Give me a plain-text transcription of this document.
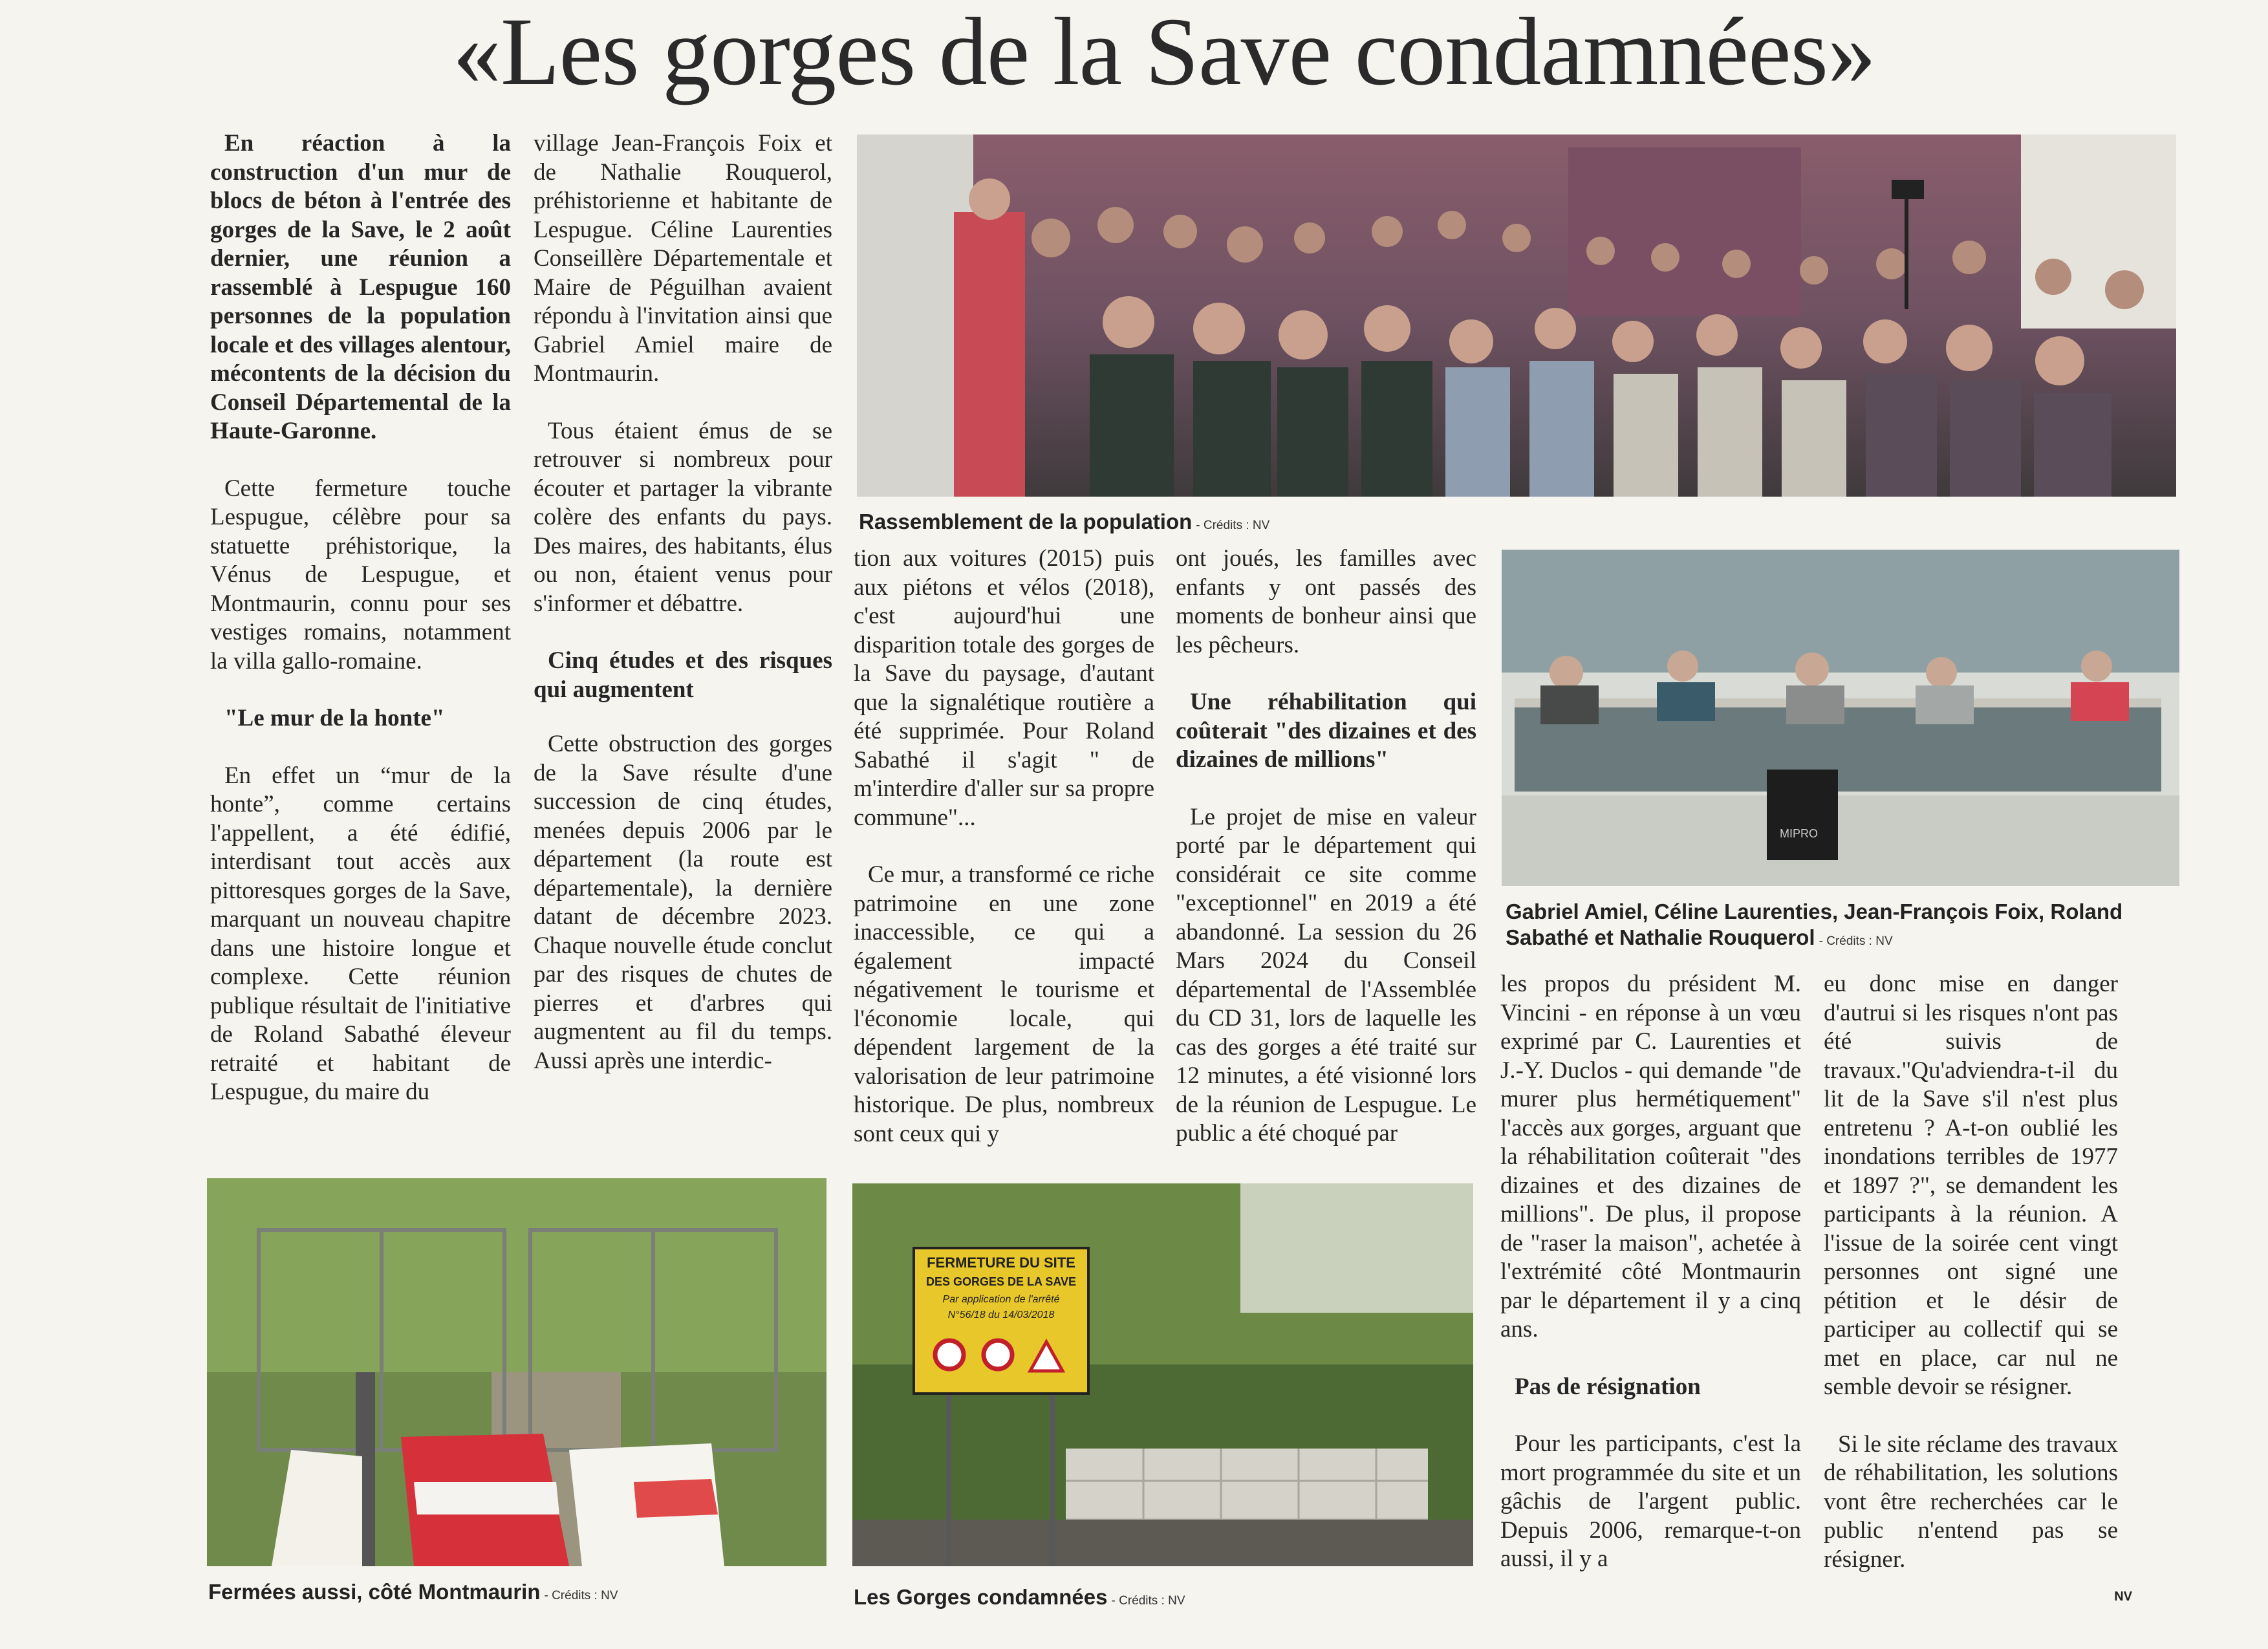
«Les gorges de la Save condamnées»

En réaction à la construction d'un mur de blocs de béton à l'entrée des gorges de la Save, le 2 août dernier, une réunion a rassemblé à Lespugue 160 personnes de la population locale et des villages alentour, mécontents de la décision du Conseil Départemental de la Haute-Garonne.

Cette fermeture touche Lespugue, célèbre pour sa statuette préhistorique, la Vénus de Lespugue, et Montmaurin, connu pour ses vestiges romains, notamment la villa gallo-romaine.

"Le mur de la honte"

En effet un “mur de la honte”, comme certains l'appellent, a été édifié, interdisant tout accès aux pittoresques gorges de la Save, marquant un nouveau chapitre dans une histoire longue et complexe. Cette réunion publique résultait de l'initiative de Roland Sabathé éleveur retraité et habitant de Lespugue, du maire du

village Jean-François Foix et de Nathalie Rouquerol, préhistorienne et habitante de Lespugue. Céline Laurenties Conseillère Départementale et Maire de Péguilhan avaient répondu à l'invitation ainsi que Gabriel Amiel maire de Montmaurin.

Tous étaient émus de se retrouver si nombreux pour écouter et partager la vibrante colère des enfants du pays. Des maires, des habitants, élus ou non, étaient venus pour s'informer et débattre.

Cinq études et des risques qui augmentent

Cette obstruction des gorges de la Save résulte d'une succession de cinq études, menées depuis 2006 par le département (la route est départementale), la dernière datant de décembre 2023. Chaque nouvelle étude conclut par des risques de chutes de pierres et d'arbres qui augmentent au fil du temps. Aussi après une interdic-

Rassemblement de la population - Crédits : NV

tion aux voitures (2015) puis aux piétons et vélos (2018), c'est aujourd'hui une disparition totale des gorges de la Save du paysage, d'autant que la signalétique routière a été supprimée. Pour Roland Sabathé il s'agit " de m'interdire d'aller sur sa propre commune"...

Ce mur, a transformé ce riche patrimoine en une zone inaccessible, ce qui a également impacté négativement le tourisme et l'économie locale, qui dépendent largement de la valorisation de leur patrimoine historique. De plus, nombreux sont ceux qui y

ont joués, les familles avec enfants y ont passés des moments de bonheur ainsi que les pêcheurs.

Une réhabilitation qui coûterait "des dizaines et des dizaines de millions"

Le projet de mise en valeur porté par le département qui considérait ce site comme "exceptionnel" en 2019 a été abandonné. La session du 26 Mars 2024 du Conseil départemental de l'Assemblée du CD 31, lors de laquelle les cas des gorges a été traité sur 12 minutes, a été visionné lors de la réunion de Lespugue. Le public a été choqué par

MIPRO
Gabriel Amiel, Céline Laurenties, Jean-François Foix, Roland Sabathé et Nathalie Rouquerol - Crédits : NV

les propos du président M. Vincini - en réponse à un vœu exprimé par C. Laurenties et J.-Y. Duclos - qui demande "de murer plus hermétiquement" l'accès aux gorges, arguant que la réhabilitation coûterait "des dizaines et des dizaines de millions". De plus, il propose de "raser la maison", achetée à l'extrémité côté Montmaurin par le département il y a cinq ans.

Pas de résignation

Pour les participants, c'est la mort programmée du site et un gâchis de l'argent public. Depuis 2006, remarque-t-on aussi, il y a

eu donc mise en danger d'autrui si les risques n'ont pas été suivis de travaux."Qu'adviendra-t-il du lit de la Save s'il n'est plus entretenu ? A-t-on oublié les inondations terribles de 1977 et 1897 ?", se demandent les participants à la réunion. A l'issue de la soirée cent vingt personnes ont signé une pétition et le désir de participer au collectif qui se met en place, car nul ne semble devoir se résigner.

Si le site réclame des travaux de réhabilitation, les solutions vont être recherchées car le public n'entend pas se résigner.

Fermées aussi, côté Montmaurin - Crédits : NV
FERMETURE DU SITE
DES GORGES DE LA SAVE
Par application de l'arrêté
N°56/18 du 14/03/2018
Les Gorges condamnées - Crédits : NV	NV
